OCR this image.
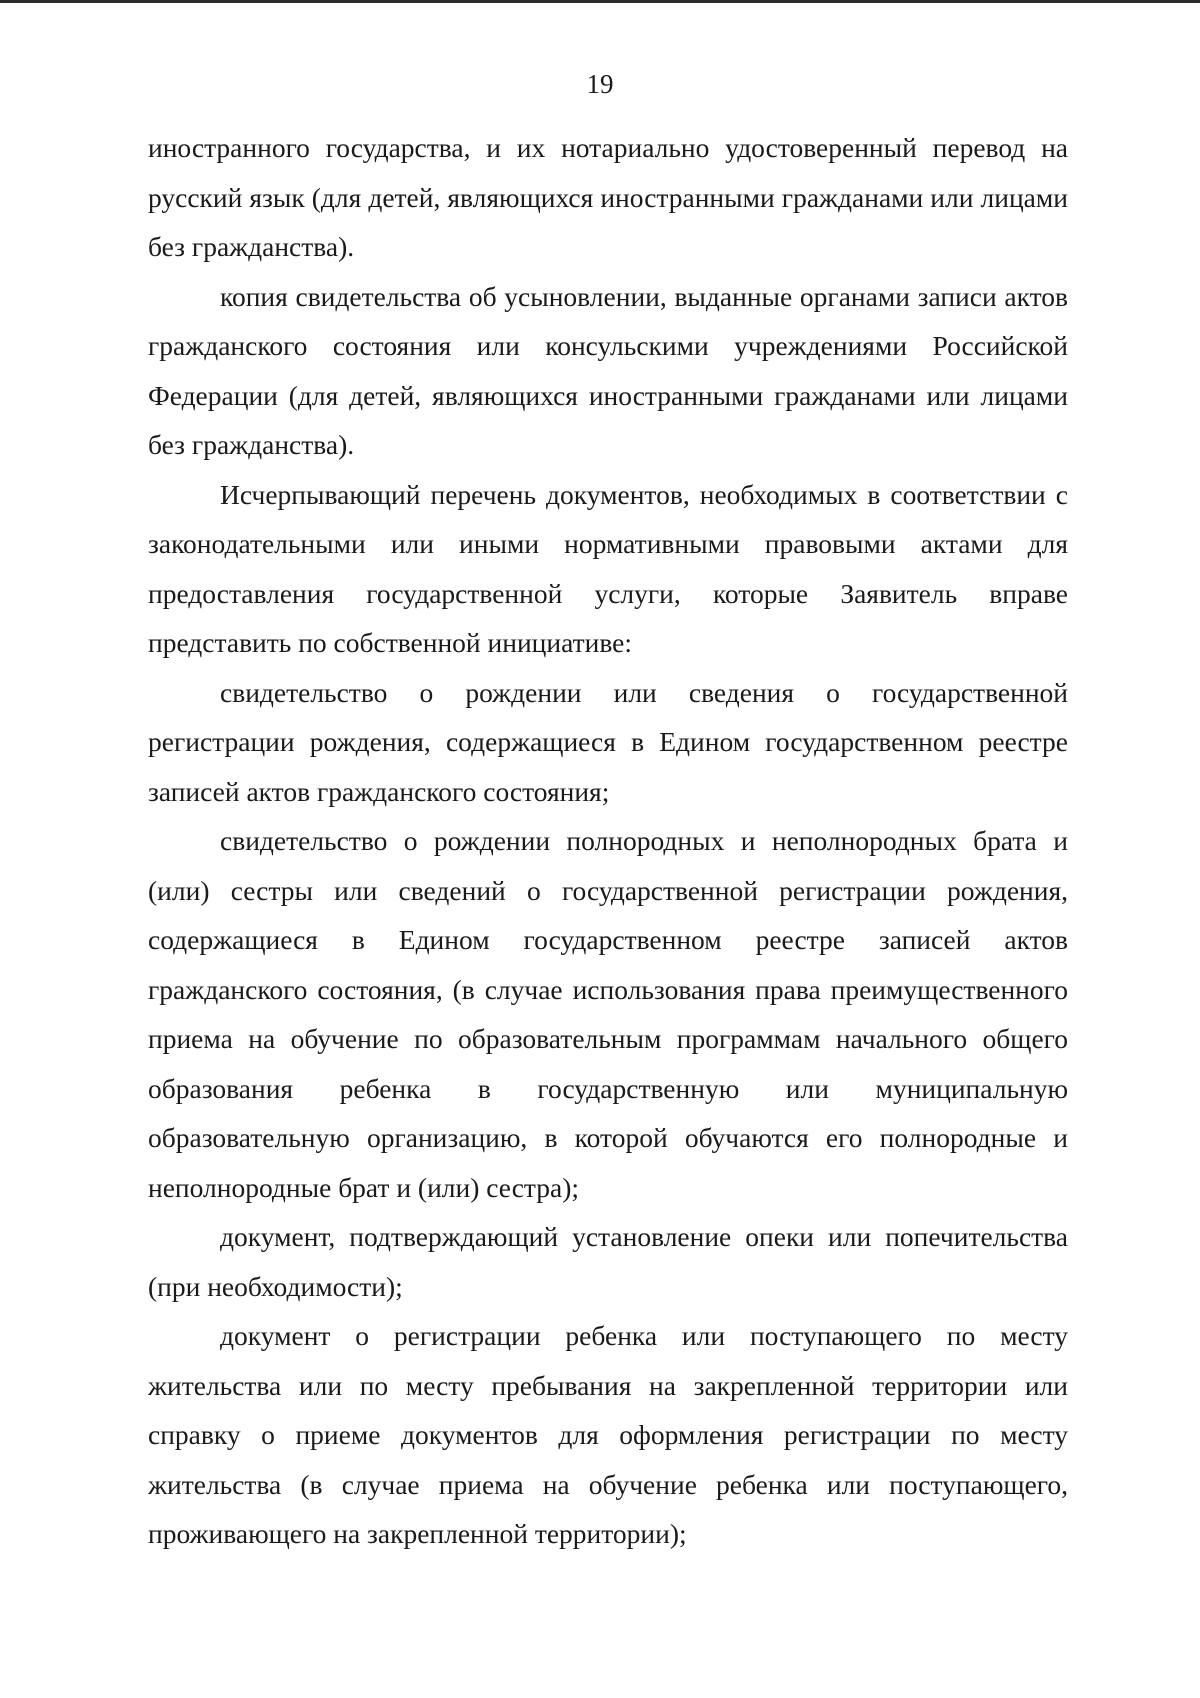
19

иностранного государства, и их нотариально удостоверенный перевод на русский язык (для детей, являющихся иностранными гражданами или лицами без гражданства).

копия свидетельства об усыновлении, выданные органами записи актов гражданского состояния или консульскими учреждениями Российской Федерации (для детей, являющихся иностранными гражданами или лицами без гражданства).

Исчерпывающий перечень документов, необходимых в соответствии с законодательными или иными нормативными правовыми актами для предоставления государственной услуги, которые Заявитель вправе представить по собственной инициативе:

свидетельство о рождении или сведения о государственной регистрации рождения, содержащиеся в Едином государственном реестре записей актов гражданского состояния;

свидетельство о рождении полнородных и неполнородных брата и (или) сестры или сведений о государственной регистрации рождения, содержащиеся в Едином государственном реестре записей актов гражданского состояния, (в случае использования права преимущественного приема на обучение по образовательным программам начального общего образования ребенка в государственную или муниципальную образовательную организацию, в которой обучаются его полнородные и неполнородные брат и (или) сестра);

документ, подтверждающий установление опеки или попечительства (при необходимости);

документ о регистрации ребенка или поступающего по месту жительства или по месту пребывания на закрепленной территории или справку о приеме документов для оформления регистрации по месту жительства (в случае приема на обучение ребенка или поступающего, проживающего на закрепленной территории);
